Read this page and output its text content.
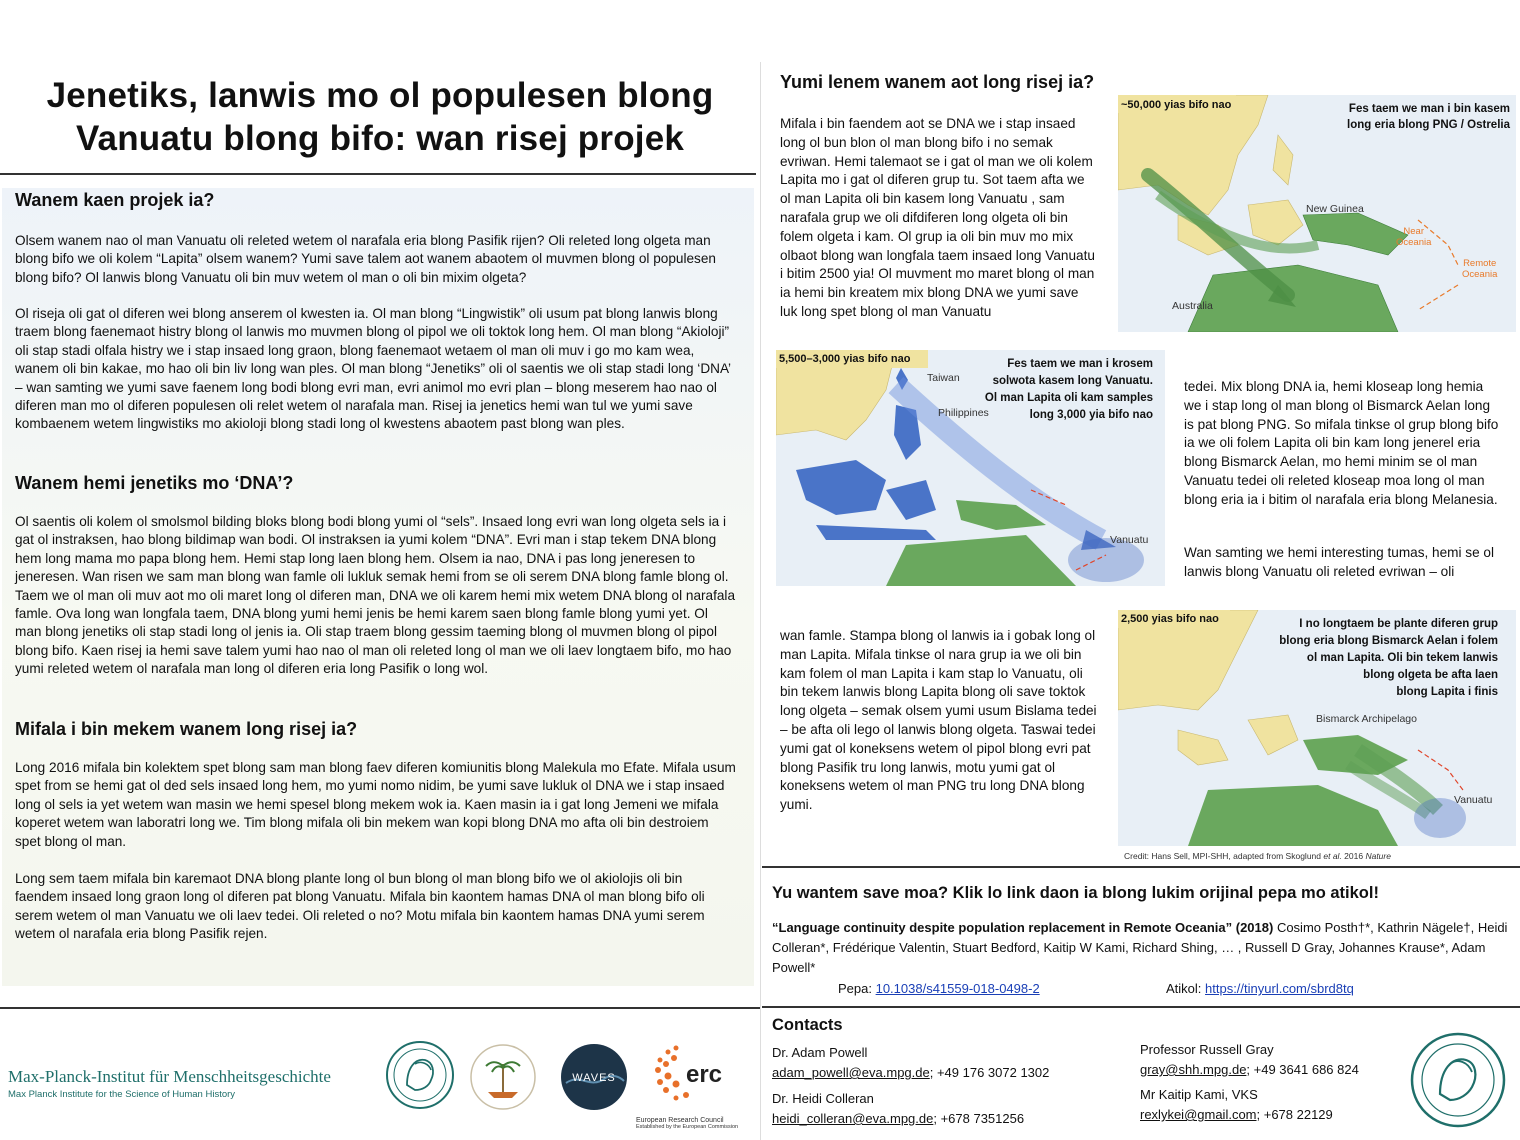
Jenetiks, lanwis mo ol populesen blong
Vanuatu blong bifo: wan risej projek
Wanem kaen projek ia?
Olsem wanem nao ol man Vanuatu oli releted wetem ol narafala eria blong Pasifik rijen? Oli releted long olgeta man blong bifo we oli kolem “Lapita” olsem wanem? Yumi save talem aot wanem abaotem ol muvmen blong ol populesen blong bifo? Ol lanwis blong Vanuatu oli bin muv wetem ol man o oli bin mixim olgeta?
Ol riseja oli gat ol diferen wei blong anserem ol kwesten ia. Ol man blong “Lingwistik” oli usum pat blong lanwis blong traem blong faenemaot histry blong ol lanwis mo muvmen blong ol pipol we oli toktok long hem. Ol man blong “Akioloji” oli stap stadi olfala histry we i stap insaed long graon, blong faenemaot wetaem ol man oli muv i go mo kam wea, wanem oli bin kakae, mo hao oli bin liv long wan ples. Ol man blong “Jenetiks” oli ol saentis we oli stap stadi long ‘DNA’ – wan samting we yumi save faenem long bodi blong evri man, evri animol mo evri plan – blong meserem hao nao ol diferen man mo ol diferen populesen oli relet wetem ol narafala man. Risej ia jenetics hemi wan tul we yumi save kombaenem wetem lingwistiks mo akioloji blong stadi long ol kwestens abaotem past blong wan ples.
Wanem hemi jenetiks mo ‘DNA’?
Ol saentis oli kolem ol smolsmol bilding bloks blong bodi blong yumi ol “sels”. Insaed long evri wan long olgeta sels ia i gat ol instraksen, hao blong bildimap wan bodi. Ol instraksen ia yumi kolem “DNA”. Evri man i stap tekem DNA blong hem long mama mo papa blong hem. Hemi stap long laen blong hem. Olsem ia nao, DNA i pas long jeneresen to jeneresen. Wan risen we sam man blong wan famle oli lukluk semak hemi from se oli serem DNA blong famle blong ol. Taem we ol man oli muv aot mo oli maret long ol diferen man, DNA we oli karem hemi mix wetem DNA blong ol narafala famle. Ova long wan longfala taem, DNA blong yumi hemi jenis be hemi karem saen blong famle blong yumi yet. Ol man blong jenetiks oli stap stadi long ol jenis ia. Oli stap traem blong gessim taeming blong ol muvmen blong ol pipol blong bifo. Kaen risej ia hemi save talem yumi hao nao ol man oli releted long ol man we oli laev longtaem bifo, mo hao yumi releted wetem ol narafala man long ol diferen eria long Pasifik o long wol.
Mifala i bin mekem wanem long risej ia?
Long 2016 mifala bin kolektem spet blong sam man blong faev diferen komiunitis blong Malekula mo Efate. Mifala usum spet from se hemi gat ol ded sels insaed long hem, mo yumi nomo nidim, be yumi save lukluk ol DNA we i stap insaed long ol sels ia yet wetem wan masin we hemi spesel blong mekem wok ia. Kaen masin ia i gat long Jemeni we mifala koperet wetem wan laboratri long we. Tim blong mifala oli bin mekem wan kopi blong DNA mo afta oli bin destroiem spet blong ol man.
Long sem taem mifala bin karemaot DNA blong plante long ol bun blong ol man blong bifo we ol akiolojis oli bin faendem insaed long graon long ol diferen pat blong Vanuatu. Mifala bin kaontem hamas DNA ol man blong bifo oli serem wetem ol man Vanuatu we oli laev tedei. Oli releted o no? Motu mifala bin kaontem hamas DNA yumi serem wetem ol narafala eria blong Pasifik rejen.
Yumi lenem wanem aot long risej ia?
Mifala i bin faendem aot se DNA we i stap insaed long ol bun blon ol man blong bifo i no semak evriwan. Hemi talemaot se i gat ol man we oli kolem Lapita mo i gat ol diferen grup tu. Sot taem afta we ol man Lapita oli bin kasem long Vanuatu , sam narafala grup we oli difdiferen long olgeta oli bin folem olgeta i kam. Ol grup ia oli bin muv mo mix olbaot blong wan longfala taem insaed long Vanuatu i bitim 2500 yia! Ol muvment mo maret blong ol man ia hemi bin kreatem mix blong DNA we yumi save luk long spet blong ol man Vanuatu
tedei. Mix blong DNA ia, hemi kloseap long hemia we i stap long ol man blong ol Bismarck Aelan long is pat blong PNG. So mifala tinkse ol grup blong bifo ia we oli folem Lapita oli bin kam long jenerel eria blong Bismarck Aelan, mo hemi minim se ol man Vanuatu tedei oli releted kloseap moa long ol man blong eria ia i bitim ol narafala eria blong Melanesia.
Wan samting we hemi interesting tumas, hemi se ol lanwis blong Vanuatu oli releted evriwan – oli
wan famle. Stampa blong ol lanwis ia i gobak long ol man Lapita. Mifala tinkse ol nara grup ia we oli bin kam folem ol man Lapita i kam stap lo Vanuatu, oli bin tekem lanwis blong Lapita blong oli save toktok long olgeta – semak olsem yumi usum Bislama tedei – be afta oli lego ol lanwis blong olgeta. Taswai tedei yumi gat ol koneksens wetem ol pipol blong evri pat blong Pasifik tru long lanwis, motu yumi gat ol koneksens wetem ol man PNG tru long DNA blong yumi.
~50,000 yias bifo nao	Fes taem we man i bin kasem
long eria blong PNG / Ostrelia
New Guinea
Australia
Near
Oceania
Remote
Oceania
5,500–3,000 yias bifo nao	Fes taem we man i krosem
solwota kasem long Vanuatu.
Ol man Lapita oli kam samples
long 3,000 yia bifo nao
Taiwan
Philippines
Vanuatu
2,500 yias bifo nao	I no longtaem be plante diferen grup
blong eria blong Bismarck Aelan i folem
ol man Lapita. Oli bin tekem lanwis
blong olgeta be afta laen
blong Lapita i finis
Bismarck Archipelago
Vanuatu
Credit: Hans Sell, MPI-SHH, adapted from Skoglund et al. 2016 Nature
Yu wantem save moa? Klik lo link daon ia blong lukim orijinal pepa mo atikol!
“Language continuity despite population replacement in Remote Oceania” (2018) Cosimo Posth†*, Kathrin Nägele†, Heidi Colleran*, Frédérique Valentin, Stuart Bedford, Kaitip W Kami, Richard Shing, … , Russell D Gray, Johannes Krause*, Adam Powell*
Pepa: 10.1038/s41559-018-0498-2	Atikol: https://tinyurl.com/sbrd8tq
Contacts
Dr. Adam Powell
adam_powell@eva.mpg.de; +49 176 3072 1302
Dr. Heidi Colleran
heidi_colleran@eva.mpg.de; +678 7351256
Professor Russell Gray
gray@shh.mpg.de; +49 3641 686 824
Mr Kaitip Kami, VKS
rexlykei@gmail.com; +678 22129
Max-Planck-Institut für Menschheitsgeschichte
Max Planck Institute for the Science of Human History
WAVES	erc
European Research Council
Established by the European Commission
